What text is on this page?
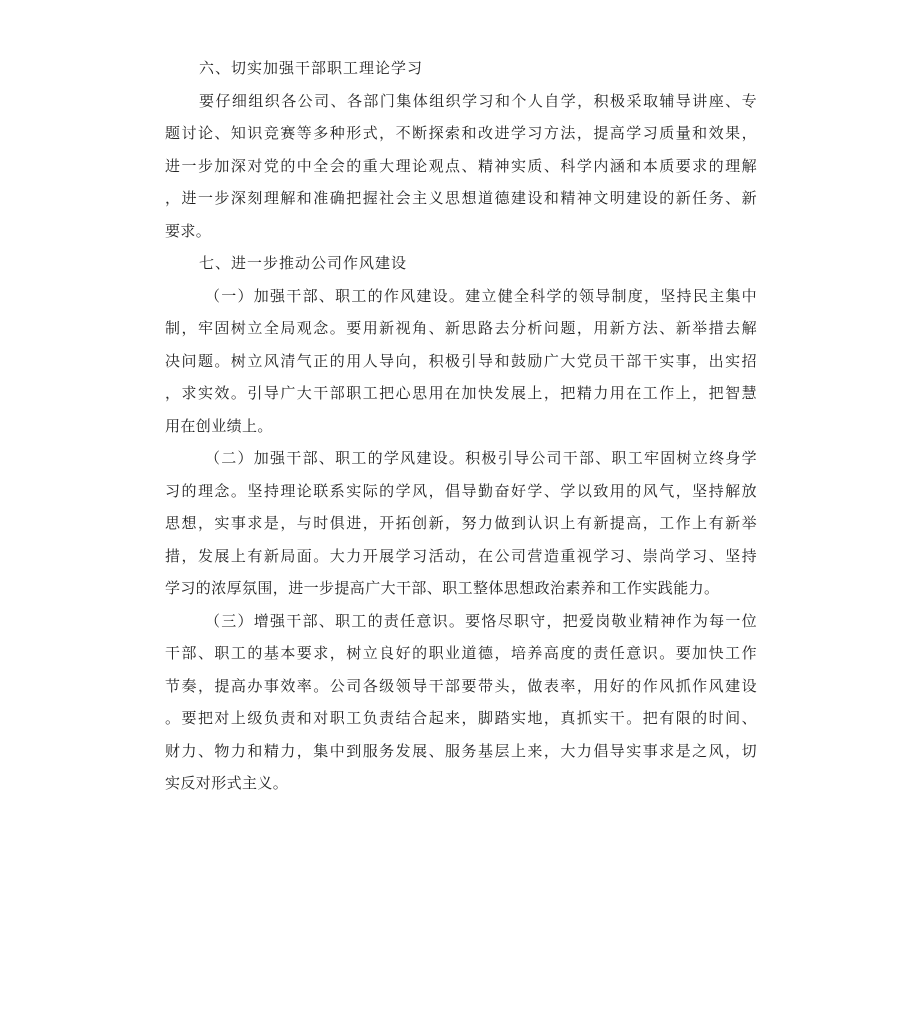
六、切实加强干部职工理论学习

要仔细组织各公司、各部门集体组织学习和个人自学，积极采取辅导讲座、专
题讨论、知识竞赛等多种形式，不断探索和改进学习方法，提高学习质量和效果，
进一步加深对党的中全会的重大理论观点、精神实质、科学内涵和本质要求的理解
，进一步深刻理解和准确把握社会主义思想道德建设和精神文明建设的新任务、新
要求。

七、进一步推动公司作风建设

（一）加强干部、职工的作风建设。建立健全科学的领导制度，坚持民主集中
制，牢固树立全局观念。要用新视角、新思路去分析问题，用新方法、新举措去解
决问题。树立风清气正的用人导向，积极引导和鼓励广大党员干部干实事，出实招
，求实效。引导广大干部职工把心思用在加快发展上，把精力用在工作上，把智慧
用在创业绩上。

（二）加强干部、职工的学风建设。积极引导公司干部、职工牢固树立终身学
习的理念。坚持理论联系实际的学风，倡导勤奋好学、学以致用的风气，坚持解放
思想，实事求是，与时俱进，开拓创新，努力做到认识上有新提高，工作上有新举
措，发展上有新局面。大力开展学习活动，在公司营造重视学习、崇尚学习、坚持
学习的浓厚氛围，进一步提高广大干部、职工整体思想政治素养和工作实践能力。

（三）增强干部、职工的责任意识。要恪尽职守，把爱岗敬业精神作为每一位
干部、职工的基本要求，树立良好的职业道德，培养高度的责任意识。要加快工作
节奏，提高办事效率。公司各级领导干部要带头，做表率，用好的作风抓作风建设
。要把对上级负责和对职工负责结合起来，脚踏实地，真抓实干。把有限的时间、
财力、物力和精力，集中到服务发展、服务基层上来，大力倡导实事求是之风，切
实反对形式主义。
